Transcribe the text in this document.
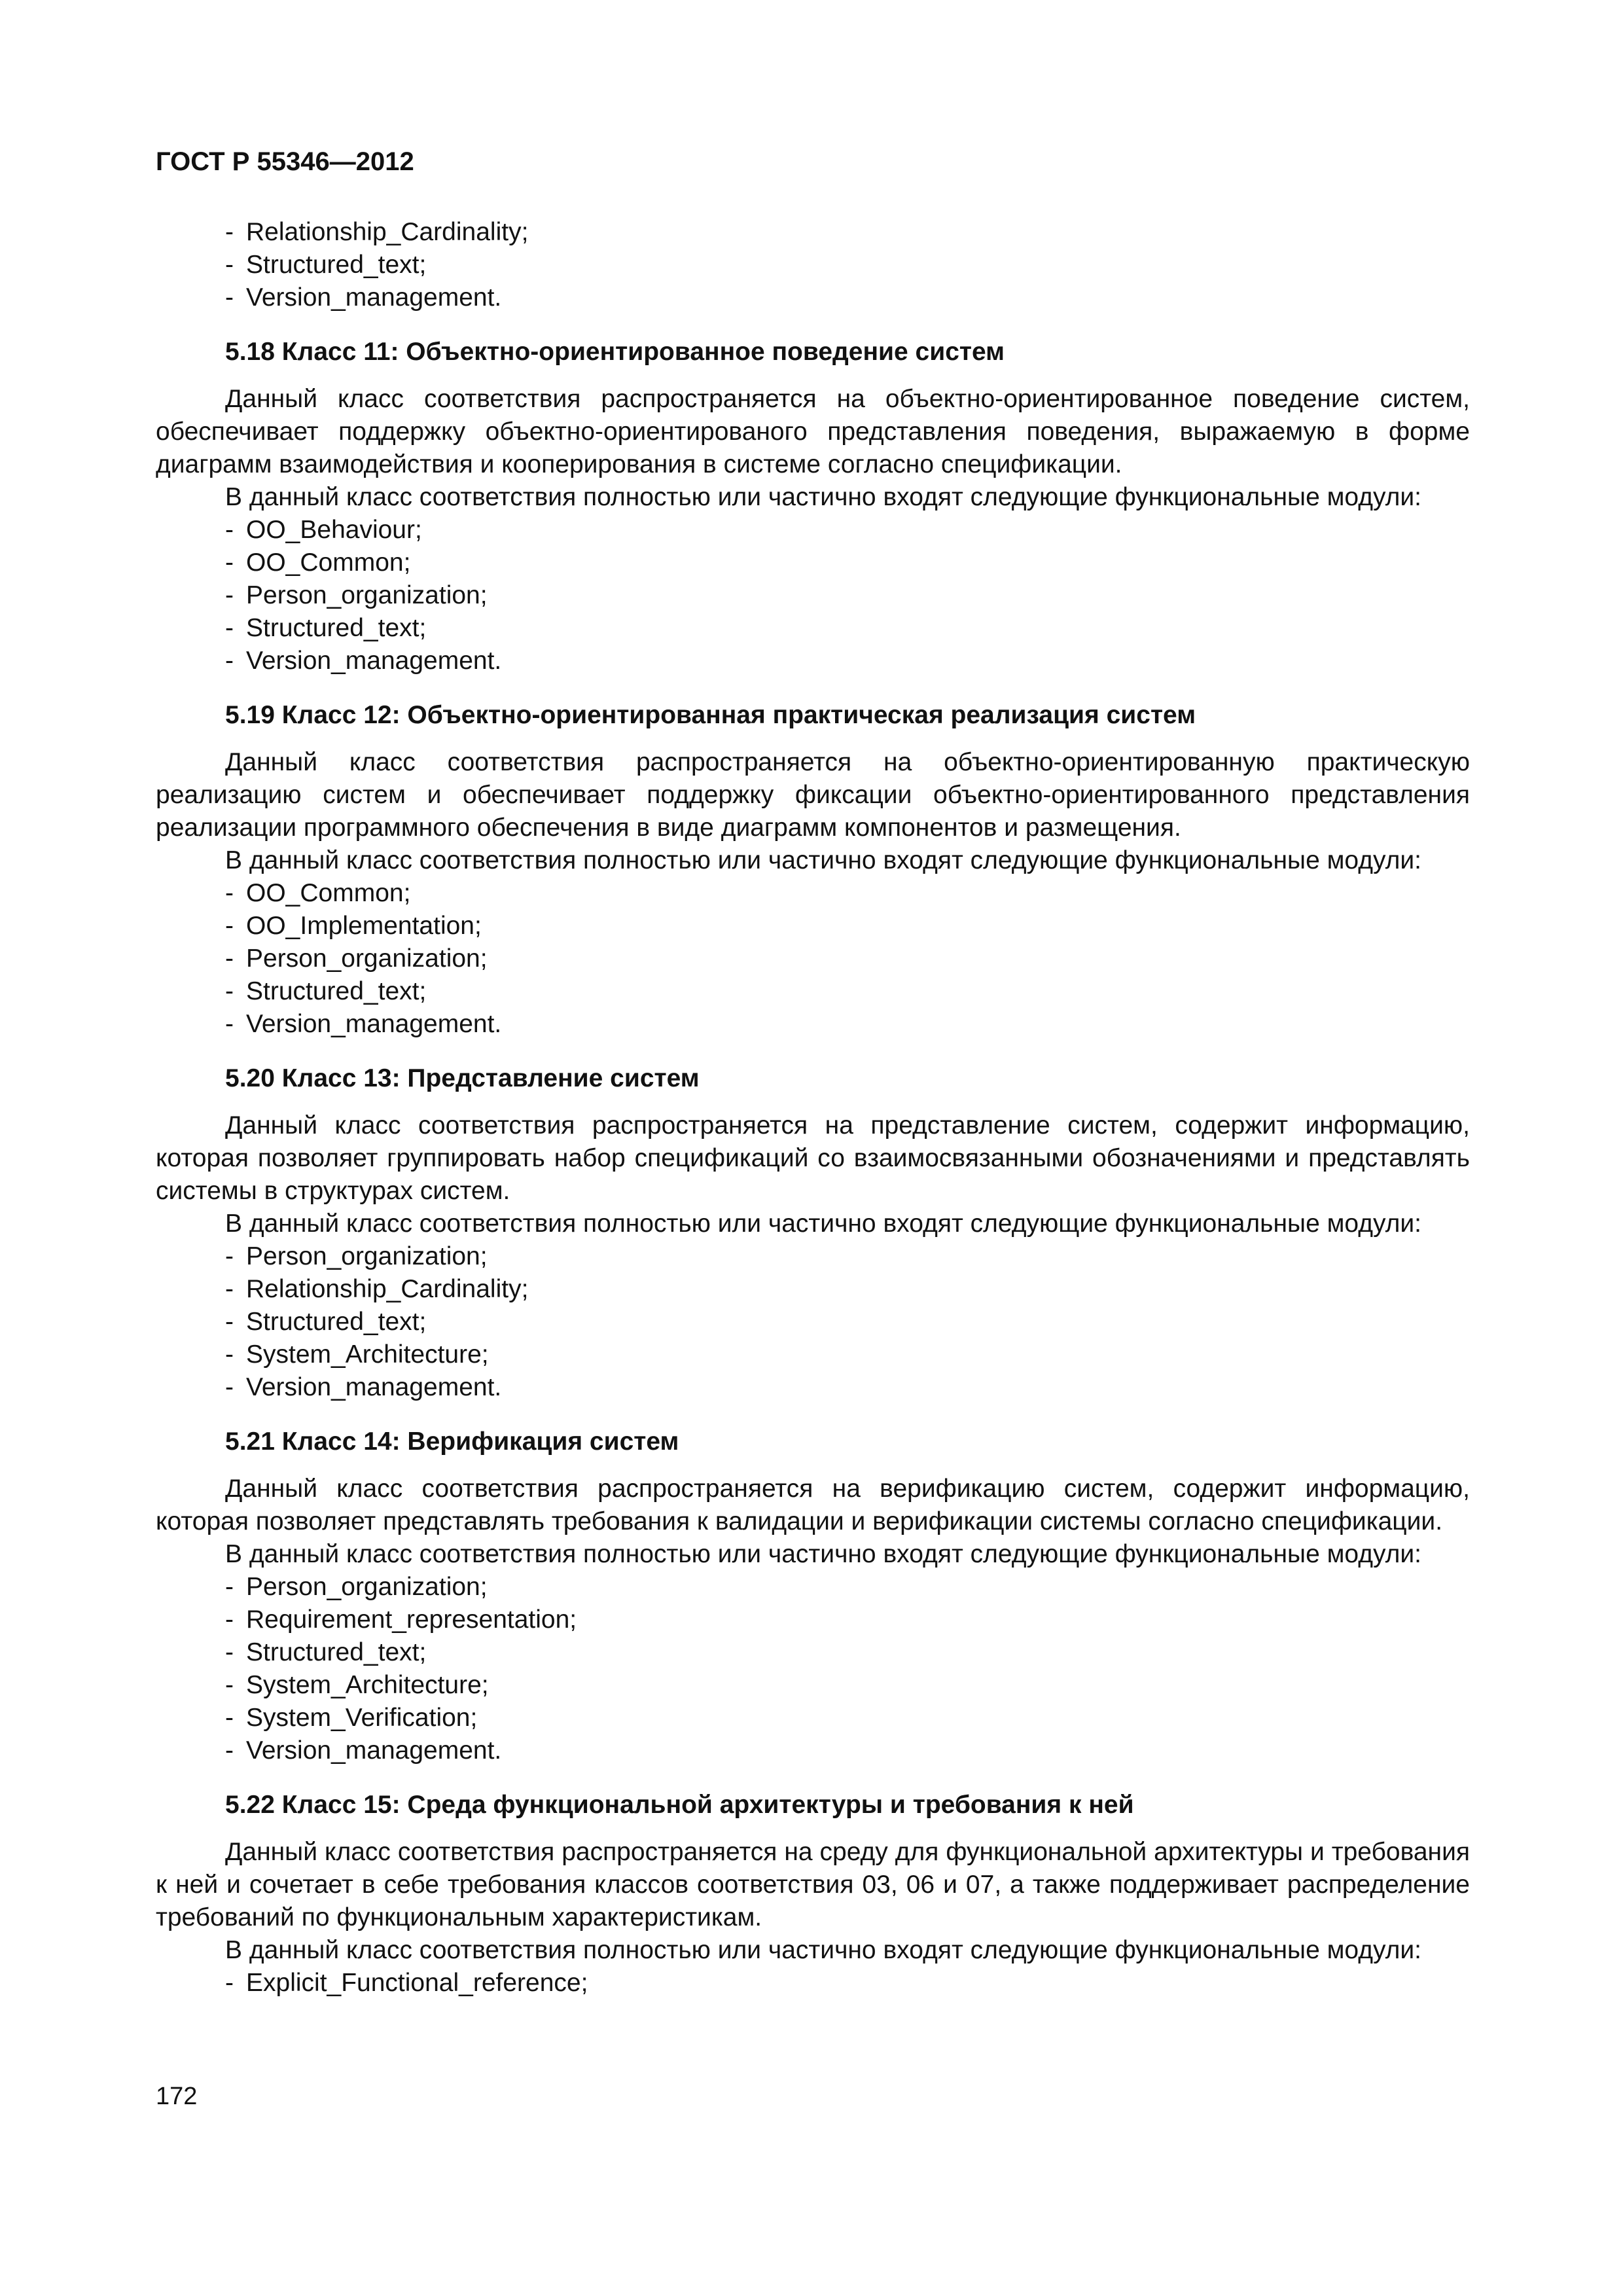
ГОСТ Р 55346—2012
- Relationship_Cardinality;
- Structured_text;
- Version_management.
5.18 Класс 11: Объектно-ориентированное поведение систем

Данный класс соответствия распространяется на объектно-ориентированное поведение систем, обеспечивает поддержку объектно-ориентированого представления поведения, выражаемую в форме диаграмм взаимодействия и кооперирования в системе согласно спецификации.

В данный класс соответствия полностью или частично входят следующие функциональные модули:

- OO_Behaviour;
- OO_Common;
- Person_organization;
- Structured_text;
- Version_management.
5.19 Класс 12: Объектно-ориентированная практическая реализация систем

Данный класс соответствия распространяется на объектно-ориентированную практическую реализацию систем и обеспечивает поддержку фиксации объектно-ориентированного представления реализации программного обеспечения в виде диаграмм компонентов и размещения.

В данный класс соответствия полностью или частично входят следующие функциональные модули:

- OO_Common;
- OO_Implementation;
- Person_organization;
- Structured_text;
- Version_management.
5.20 Класс 13: Представление систем

Данный класс соответствия распространяется на представление систем, содержит информацию, которая позволяет группировать набор спецификаций со взаимосвязанными обозначениями и представлять системы в структурах систем.

В данный класс соответствия полностью или частично входят следующие функциональные модули:

- Person_organization;
- Relationship_Cardinality;
- Structured_text;
- System_Architecture;
- Version_management.
5.21 Класс 14: Верификация систем

Данный класс соответствия распространяется на верификацию систем, содержит информацию, которая позволяет представлять требования к валидации и верификации системы согласно спецификации.

В данный класс соответствия полностью или частично входят следующие функциональные модули:

- Person_organization;
- Requirement_representation;
- Structured_text;
- System_Architecture;
- System_Verification;
- Version_management.
5.22 Класс 15: Среда функциональной архитектуры и требования к ней

Данный класс соответствия распространяется на среду для функциональной архитектуры и требования к ней и сочетает в себе требования классов соответствия 03, 06 и 07, а также поддерживает распределение требований по функциональным характеристикам.

В данный класс соответствия полностью или частично входят следующие функциональные модули:

- Explicit_Functional_reference;
172
